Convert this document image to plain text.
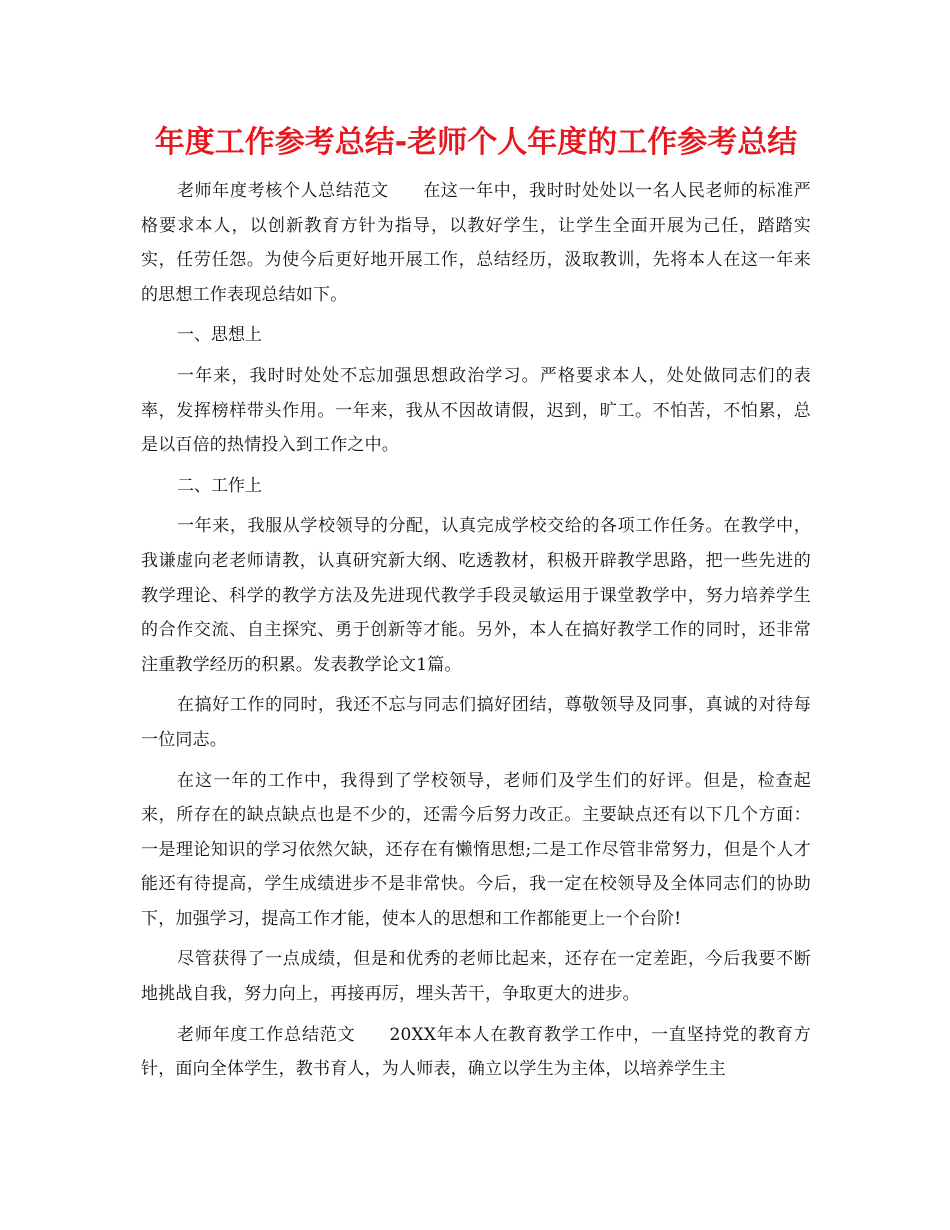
年度工作参考总结-老师个人年度的工作参考总结

老师年度考核个人总结范文 在这一年中，我时时处处以一名人民老师的标准严格要求本人，以创新教育方针为指导，以教好学生，让学生全面开展为己任，踏踏实实，任劳任怨。为使今后更好地开展工作，总结经历，汲取教训，先将本人在这一年来的思想工作表现总结如下。

一、思想上

一年来，我时时处处不忘加强思想政治学习。严格要求本人，处处做同志们的表率，发挥榜样带头作用。一年来，我从不因故请假，迟到，旷工。不怕苦，不怕累，总是以百倍的热情投入到工作之中。

二、工作上

一年来，我服从学校领导的分配，认真完成学校交给的各项工作任务。在教学中，我谦虚向老老师请教，认真研究新大纲、吃透教材，积极开辟教学思路，把一些先进的教学理论、科学的教学方法及先进现代教学手段灵敏运用于课堂教学中，努力培养学生的合作交流、自主探究、勇于创新等才能。另外，本人在搞好教学工作的同时，还非常注重教学经历的积累。发表教学论文1篇。

在搞好工作的同时，我还不忘与同志们搞好团结，尊敬领导及同事，真诚的对待每一位同志。

在这一年的工作中，我得到了学校领导，老师们及学生们的好评。但是，检查起来，所存在的缺点缺点也是不少的，还需今后努力改正。主要缺点还有以下几个方面：一是理论知识的学习依然欠缺，还存在有懒惰思想;二是工作尽管非常努力，但是个人才能还有待提高，学生成绩进步不是非常快。今后，我一定在校领导及全体同志们的协助下，加强学习，提高工作才能，使本人的思想和工作都能更上一个台阶!

尽管获得了一点成绩，但是和优秀的老师比起来，还存在一定差距，今后我要不断地挑战自我，努力向上，再接再厉，埋头苦干，争取更大的进步。

老师年度工作总结范文 20XX年本人在教育教学工作中，一直坚持党的教育方针，面向全体学生，教书育人，为人师表，确立以学生为主体，以培养学生主
